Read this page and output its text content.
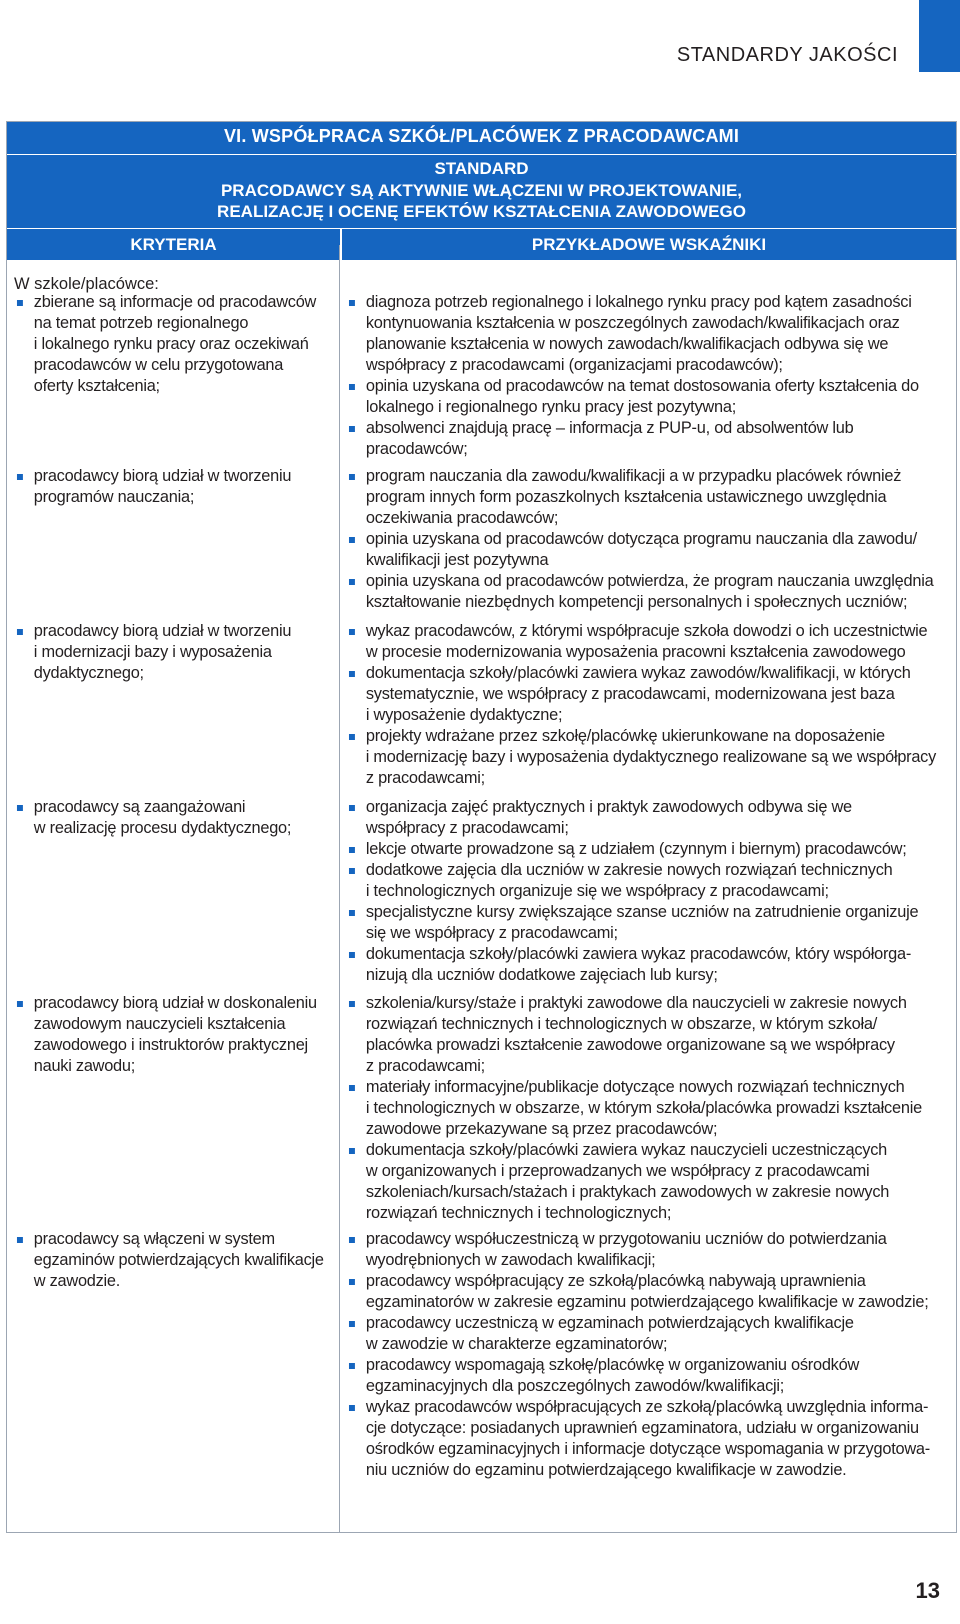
STANDARDY JAKOŚCI
VI. WSPÓŁPRACA SZKÓŁ/PLACÓWEK Z PRACODAWCAMI
STANDARD
PRACODAWCY SĄ AKTYWNIE WŁĄCZENI W PROJEKTOWANIE,
REALIZACJĘ I OCENĘ EFEKTÓW KSZTAŁCENIA ZAWODOWEGO
KRYTERIA	PRZYKŁADOWE WSKAŹNIKI
W szkole/placówce:
zbierane są informacje od pracodawców
na temat potrzeb regionalnego
i lokalnego rynku pracy oraz oczekiwań
pracodawców w celu przygotowana
oferty kształcenia;
diagnoza potrzeb regionalnego i lokalnego rynku pracy pod kątem zasadności
kontynuowania kształcenia w poszczególnych zawodach/kwalifikacjach oraz
planowanie kształcenia w nowych zawodach/kwalifikacjach odbywa się we
współpracy z pracodawcami (organizacjami pracodawców);
opinia uzyskana od pracodawców na temat dostosowania oferty kształcenia do
lokalnego i regionalnego rynku pracy jest pozytywna;
absolwenci znajdują pracę – informacja z PUP-u, od absolwentów lub
pracodawców;
pracodawcy biorą udział w tworzeniu
programów nauczania;
program nauczania dla zawodu/kwalifikacji a w przypadku placówek również
program innych form pozaszkolnych kształcenia ustawicznego uwzględnia
oczekiwania pracodawców;
opinia uzyskana od pracodawców dotycząca programu nauczania dla zawodu/
kwalifikacji jest pozytywna
opinia uzyskana od pracodawców potwierdza, że program nauczania uwzględnia
kształtowanie niezbędnych kompetencji personalnych i społecznych uczniów;
pracodawcy biorą udział w tworzeniu
i modernizacji bazy i wyposażenia
dydaktycznego;
wykaz pracodawców, z którymi współpracuje szkoła dowodzi o ich uczestnictwie
w procesie modernizowania wyposażenia pracowni kształcenia zawodowego
dokumentacja szkoły/placówki zawiera wykaz zawodów/kwalifikacji, w których
systematycznie, we współpracy z pracodawcami, modernizowana jest baza
i wyposażenie dydaktyczne;
projekty wdrażane przez szkołę/placówkę ukierunkowane na doposażenie
i modernizację bazy i wyposażenia dydaktycznego realizowane są we współpracy
z pracodawcami;
pracodawcy są zaangażowani
w realizację procesu dydaktycznego;
organizacja zajęć praktycznych i praktyk zawodowych odbywa się we
współpracy z pracodawcami;
lekcje otwarte prowadzone są z udziałem (czynnym i biernym) pracodawców;
dodatkowe zajęcia dla uczniów w zakresie nowych rozwiązań technicznych
i technologicznych organizuje się we współpracy z pracodawcami;
specjalistyczne kursy zwiększające szanse uczniów na zatrudnienie organizuje
się we współpracy z pracodawcami;
dokumentacja szkoły/placówki zawiera wykaz pracodawców, który współorga-
nizują dla uczniów dodatkowe zajęciach lub kursy;
pracodawcy biorą udział w doskonaleniu
zawodowym nauczycieli kształcenia
zawodowego i instruktorów praktycznej
nauki zawodu;
szkolenia/kursy/staże i praktyki zawodowe dla nauczycieli w zakresie nowych
rozwiązań technicznych i technologicznych w obszarze, w którym szkoła/
placówka prowadzi kształcenie zawodowe organizowane są we współpracy
z pracodawcami;
materiały informacyjne/publikacje dotyczące nowych rozwiązań technicznych
i technologicznych w obszarze, w którym szkoła/placówka prowadzi kształcenie
zawodowe przekazywane są przez pracodawców;
dokumentacja szkoły/placówki zawiera wykaz nauczycieli uczestniczących
w organizowanych i przeprowadzanych we współpracy z pracodawcami
szkoleniach/kursach/stażach i praktykach zawodowych w zakresie nowych
rozwiązań technicznych i technologicznych;
pracodawcy są włączeni w system
egzaminów potwierdzających kwalifikacje
w zawodzie.
pracodawcy współuczestniczą w przygotowaniu uczniów do potwierdzania
wyodrębnionych w zawodach kwalifikacji;
pracodawcy współpracujący ze szkołą/placówką nabywają uprawnienia
egzaminatorów w zakresie egzaminu potwierdzającego kwalifikacje w zawodzie;
pracodawcy uczestniczą w egzaminach potwierdzających kwalifikacje
w zawodzie w charakterze egzaminatorów;
pracodawcy wspomagają szkołę/placówkę w organizowaniu ośrodków
egzaminacyjnych dla poszczególnych zawodów/kwalifikacji;
wykaz pracodawców współpracujących ze szkołą/placówką uwzględnia informa-
cje dotyczące: posiadanych uprawnień egzaminatora, udziału w organizowaniu
ośrodków egzaminacyjnych i informacje dotyczące wspomagania w przygotowa-
niu uczniów do egzaminu potwierdzającego kwalifikacje w zawodzie.
13
